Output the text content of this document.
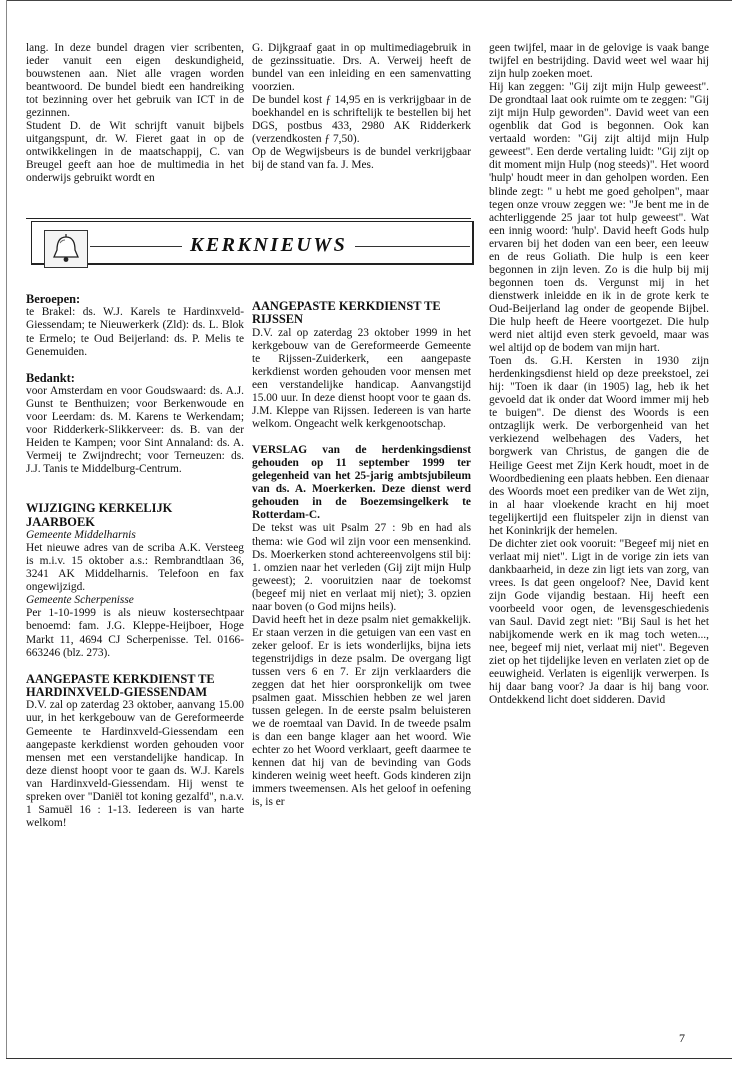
lang. In deze bundel dragen vier scribenten, ieder vanuit een eigen deskundigheid, bouwstenen aan. Niet alle vragen worden beantwoord. De bundel biedt een handreiking tot bezinning over het gebruik van ICT in de gezinnen.

Student D. de Wit schrijft vanuit bijbels uitgangspunt, dr. W. Fieret gaat in op de ontwikkelingen in de maatschappij, C. van Breugel geeft aan hoe de multimedia in het onderwijs gebruikt wordt en

G. Dijkgraaf gaat in op multimediagebruik in de gezinssituatie. Drs. A. Verweij heeft de bundel van een inleiding en een samenvatting voorzien.

De bundel kost ƒ 14,95 en is verkrijgbaar in de boekhandel en is schriftelijk te bestellen bij het DGS, postbus 433, 2980 AK Ridderkerk (verzendkosten ƒ 7,50).

Op de Wegwijsbeurs is de bundel verkrijgbaar bij de stand van fa. J. Mes.

KERKNIEUWS

Beroepen:

te Brakel: ds. W.J. Karels te Hardinxveld-Giessendam; te Nieuwerkerk (Zld): ds. L. Blok te Ermelo; te Oud Beijerland: ds. P. Melis te Genemuiden.

Bedankt:

voor Amsterdam en voor Goudswaard: ds. A.J. Gunst te Benthuizen; voor Berkenwoude en voor Leerdam: ds. M. Karens te Werkendam; voor Ridderkerk-Slikkerveer: ds. B. van der Heiden te Kampen; voor Sint Annaland: ds. A. Vermeij te Zwijndrecht; voor Terneuzen: ds. J.J. Tanis te Middelburg-Centrum.

WIJZIGING KERKELIJK JAARBOEK

Gemeente Middelharnis

Het nieuwe adres van de scriba A.K. Versteeg is m.i.v. 15 oktober a.s.: Rembrandtlaan 36, 3241 AK Middelharnis. Telefoon en fax ongewijzigd.

Gemeente Scherpenisse

Per 1-10-1999 is als nieuw kostersechtpaar benoemd: fam. J.G. Kleppe-Heijboer, Hoge Markt 11, 4694 CJ Scherpenisse. Tel. 0166-663246 (blz. 273).

AANGEPASTE KERKDIENST TE HARDINXVELD-GIESSENDAM

D.V. zal op zaterdag 23 oktober, aanvang 15.00 uur, in het kerkgebouw van de Gereformeerde Gemeente te Hardinxveld-Giessendam een aangepaste kerkdienst worden gehouden voor mensen met een verstandelijke handicap. In deze dienst hoopt voor te gaan ds. W.J. Karels van Hardinxveld-Giessendam. Hij wenst te spreken over "Daniël tot koning gezalfd", n.a.v. 1 Samuël 16 : 1-13. Iedereen is van harte welkom!

AANGEPASTE KERKDIENST TE RIJSSEN

D.V. zal op zaterdag 23 oktober 1999 in het kerkgebouw van de Gereformeerde Gemeente te Rijssen-Zuiderkerk, een aangepaste kerkdienst worden gehouden voor mensen met een verstandelijke handicap. Aanvangstijd 15.00 uur. In deze dienst hoopt voor te gaan ds. J.M. Kleppe van Rijssen. Iedereen is van harte welkom. Ongeacht welk kerkgenootschap.

VERSLAG van de herdenkingsdienst gehouden op 11 september 1999 ter gelegenheid van het 25-jarig ambtsjubileum van ds. A. Moerkerken. Deze dienst werd gehouden in de Boezemsingelkerk te Rotterdam-C.

De tekst was uit Psalm 27 : 9b en had als thema: wie God wil zijn voor een mensenkind. Ds. Moerkerken stond achtereenvolgens stil bij: 1. omzien naar het verleden (Gij zijt mijn Hulp geweest); 2. vooruitzien naar de toekomst (begeef mij niet en verlaat mij niet); 3. opzien naar boven (o God mijns heils).

David heeft het in deze psalm niet gemakkelijk. Er staan verzen in die getuigen van een vast en zeker geloof. Er is iets wonderlijks, bijna iets tegenstrijdigs in deze psalm. De overgang ligt tussen vers 6 en 7. Er zijn verklaarders die zeggen dat het hier oorspronkelijk om twee psalmen gaat. Misschien hebben ze wel jaren tussen gelegen. In de eerste psalm beluisteren we de roemtaal van David. In de tweede psalm is dan een bange klager aan het woord. Wie echter zo het Woord verklaart, geeft daarmee te kennen dat hij van de bevinding van Gods kinderen weinig weet heeft. Gods kinderen zijn immers tweemensen. Als het geloof in oefening is, is er

geen twijfel, maar in de gelovige is vaak bange twijfel en bestrijding. David weet wel waar hij zijn hulp zoeken moet.

Hij kan zeggen: "Gij zijt mijn Hulp geweest". De grondtaal laat ook ruimte om te zeggen: "Gij zijt mijn Hulp geworden". David weet van een ogenblik dat God is begonnen. Ook kan vertaald worden: "Gij zijt altijd mijn Hulp geweest". Een derde vertaling luidt: "Gij zijt op dit moment mijn Hulp (nog steeds)". Het woord 'hulp' houdt meer in dan geholpen worden. Een blinde zegt: " u hebt me goed geholpen", maar tegen onze vrouw zeggen we: "Je bent me in de achterliggende 25 jaar tot hulp geweest". Wat een innig woord: 'hulp'. David heeft Gods hulp ervaren bij het doden van een beer, een leeuw en de reus Goliath. Die hulp is een keer begonnen in zijn leven. Zo is die hulp bij mij begonnen toen ds. Vergunst mij in het dienstwerk inleidde en ik in de grote kerk te Oud-Beijerland lag onder de geopende Bijbel. Die hulp heeft de Heere voortgezet. Die hulp werd niet altijd even sterk gevoeld, maar was wel altijd op de bodem van mijn hart.

Toen ds. G.H. Kersten in 1930 zijn herdenkingsdienst hield op deze preekstoel, zei hij: "Toen ik daar (in 1905) lag, heb ik het gevoeld dat ik onder dat Woord immer mij heb te buigen". De dienst des Woords is een ontzaglijk werk. De verborgenheid van het verkiezend welbehagen des Vaders, het borgwerk van Christus, de gangen die de Heilige Geest met Zijn Kerk houdt, moet in de Woordbediening een plaats hebben. Een dienaar des Woords moet een prediker van de Wet zijn, in al haar vloekende kracht en hij moet tegelijkertijd een fluitspeler zijn in dienst van het Koninkrijk der hemelen.

De dichter ziet ook vooruit: "Begeef mij niet en verlaat mij niet". Ligt in de vorige zin iets van dankbaarheid, in deze zin ligt iets van zorg, van vrees. Is dat geen ongeloof? Nee, David kent zijn Gode vijandig bestaan. Hij heeft een voorbeeld voor ogen, de levensgeschiedenis van Saul. David zegt niet: "Bij Saul is het het nabijkomende werk en ik mag toch weten..., nee, begeef mij niet, verlaat mij niet". Begeven ziet op het tijdelijke leven en verlaten ziet op de eeuwigheid. Verlaten is eigenlijk verwerpen. Is hij daar bang voor? Ja daar is hij bang voor. Ontdekkend licht doet sidderen. David

7
